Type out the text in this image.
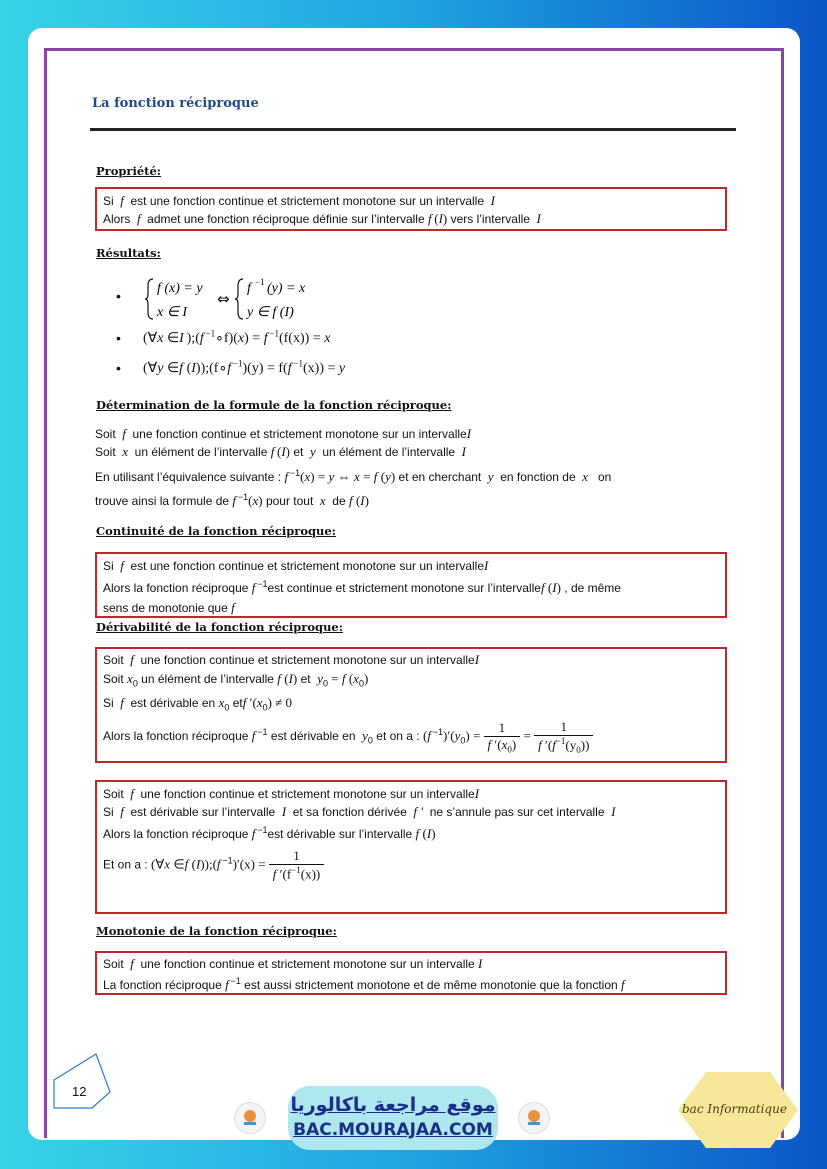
La fonction réciproque
Propriété:
Si  f  est une fonction continue et strictement monotone sur un intervalle  I
Alors  f  admet une fonction réciproque définie sur l’intervalle f (I) vers l’intervalle  I
Résultats:
•	f (x) = y
x ∈ I
⇔
f −1 (y) = x
y ∈ f (I)
• (∀x ∈I );(f $^{-1}$∘f)(x) = f $^{-1}$(f(x)) = x
• (∀y ∈f (I));(f∘f $^{-1}$)(y) = f(f $^{-1}$(x)) = y
Détermination de la formule de la fonction réciproque:
Soit  f  une fonction continue et strictement monotone sur un intervalleI
Soit  x  un élément de l’intervalle f (I) et  y  un élément de l’intervalle  I
En utilisant l’équivalence suivante : f $^{-1}$(x) = y ⇔ x = f (y) et en cherchant  y  en fonction de  x   on
trouve ainsi la formule de f $^{-1}$(x) pour tout  x  de f (I)
Continuité de la fonction réciproque:
Si  f  est une fonction continue et strictement monotone sur un intervalleI
Alors la fonction réciproque f $^{-1}$est continue et strictement monotone sur l’intervallef (I) , de même
sens de monotonie que f
Dérivabilité de la fonction réciproque:
Soit  f  une fonction continue et strictement monotone sur un intervalleI
Soit $x_0$ un élément de l’intervalle f (I) et  $y_0 = f$ $(x_0)$
Si  f  est dérivable en $x_0$ etf $'(x_0) \ne 0$
Alors la fonction réciproque f $^{-1}$ est dérivable en  $y_0$ et on a : (f $^{-1})'(y_0) = \frac{1}{f '(x_0)} = \frac{1}{f '(f^{-1}(y_0))}$
Soit  f  une fonction continue et strictement monotone sur un intervalleI
Si  f  est dérivable sur l’intervalle  I  et sa fonction dérivée  f ′  ne s’annule pas sur cet intervalle  I
Alors la fonction réciproque f $^{-1}$est dérivable sur l’intervalle f (I)
Et on a : (∀x ∈f (I));(f $^{-1})'(x) = \frac{1}{f '(f^{-1}(x))}$
Monotonie de la fonction réciproque:
Soit  f  une fonction continue et strictement monotone sur un intervalle I
La fonction réciproque f $^{-1}$ est aussi strictement monotone et de même monotonie que la fonction f
12
موقع مراجعة باكالوريا
BAC.MOURAJAA.COM
bac Informatique
